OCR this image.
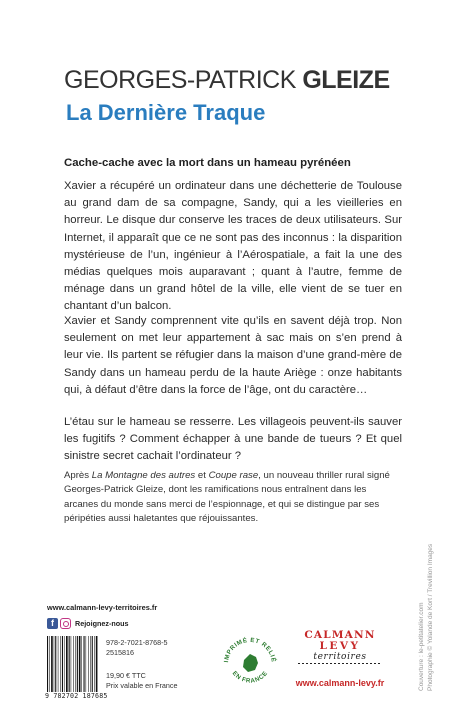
GEORGES-PATRICK GLEIZE
La Dernière Traque
Cache-cache avec la mort dans un hameau pyrénéen

Xavier a récupéré un ordinateur dans une déchetterie de Toulouse au grand dam de sa compagne, Sandy, qui a les vieilleries en horreur. Le disque dur conserve les traces de deux utilisateurs. Sur Internet, il apparaît que ce ne sont pas des inconnus : la disparition mystérieuse de l’un, ingénieur à l’Aérospatiale, a fait la une des médias quelques mois auparavant ; quant à l’autre, femme de ménage dans un grand hôtel de la ville, elle vient de se tuer en chantant d’un balcon.

Xavier et Sandy comprennent vite qu’ils en savent déjà trop. Non seulement on met leur appartement à sac mais on s’en prend à leur vie. Ils partent se réfugier dans la maison d’une grand-mère de Sandy dans un hameau perdu de la haute Ariège : onze habitants qui, à défaut d’être dans la force de l’âge, ont du caractère…

L’étau sur le hameau se resserre. Les villageois peuvent-ils sauver les fugitifs ? Comment échapper à une bande de tueurs ? Et quel sinistre secret cachait l’ordinateur ?

Après La Montagne des autres et Coupe rase, un nouveau thriller rural signé Georges-Patrick Gleize, dont les ramifications nous entraînent dans les arcanes du monde sans merci de l’espionnage, et qui se distingue par ses péripéties aussi haletantes que réjouissantes.

Couverture : le-petitatelier.com Photographie © Yolande de Kort / Trevillion Images
www.calmann-levy-territoires.fr
f	Rejoignez-nous
9 782702 187685
978-2-7021-8768-5
2515816
19,90 € TTC
Prix valable en France
IMPRIMÉ ET RELIÉ
EN FRANCE
CALMANN
LEVY
territoires
www.calmann-levy.fr
